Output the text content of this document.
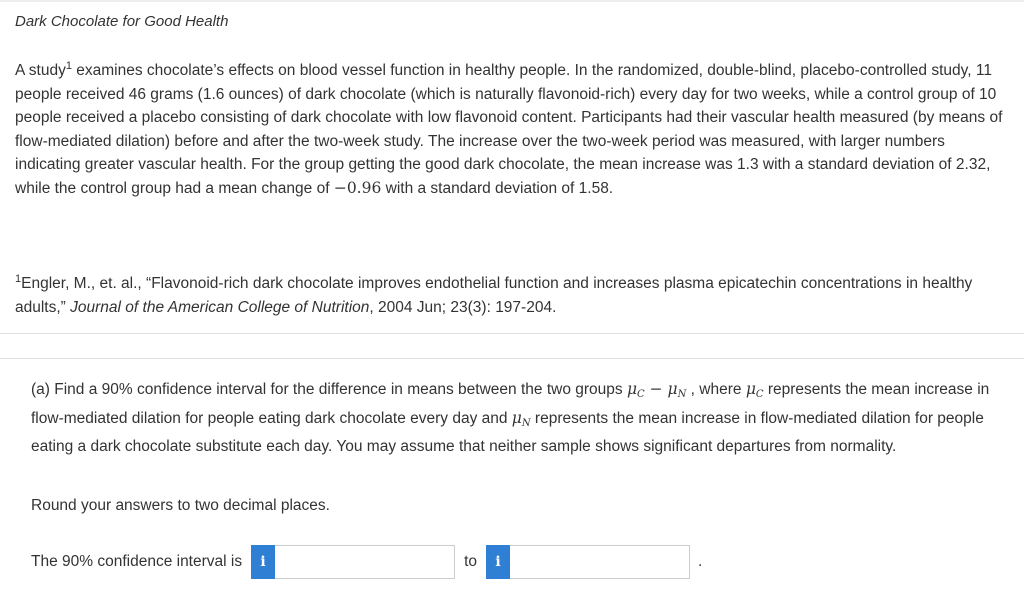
Dark Chocolate for Good Health
A study$^1$ examines chocolate’s effects on blood vessel function in healthy people. In the randomized, double-blind, placebo-controlled study, 11 people received 46 grams (1.6 ounces) of dark chocolate (which is naturally flavonoid-rich) every day for two weeks, while a control group of 10 people received a placebo consisting of dark chocolate with low flavonoid content. Participants had their vascular health measured (by means of flow-mediated dilation) before and after the two-week study. The increase over the two-week period was measured, with larger numbers indicating greater vascular health. For the group getting the good dark chocolate, the mean increase was 1.3 with a standard deviation of 2.32, while the control group had a mean change of −0.96 with a standard deviation of 1.58.
$^1$Engler, M., et. al., “Flavonoid-rich dark chocolate improves endothelial function and increases plasma epicatechin concentrations in healthy adults,” Journal of the American College of Nutrition, 2004 Jun; 23(3): 197-204.
(a) Find a 90% confidence interval for the difference in means between the two groups $\mu_C - \mu_N$ , where $\mu_C$ represents the mean increase in flow-mediated dilation for people eating dark chocolate every day and $\mu_N$ represents the mean increase in flow-mediated dilation for people eating a dark chocolate substitute each day. You may assume that neither sample shows significant departures from normality.
Round your answers to two decimal places.
The 90% confidence interval is	i	to	i	.
